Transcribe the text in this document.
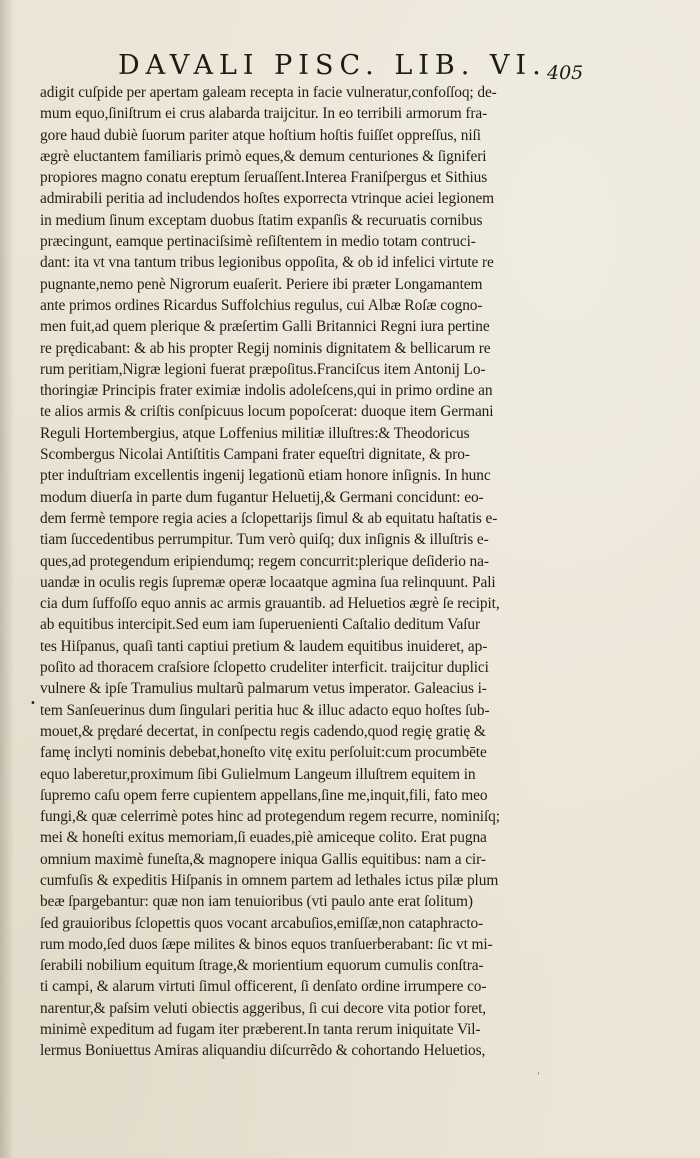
DAVALI PISC. LIB. VI. 405
•
adigit cuſpide per apertam galeam recepta in facie vulneratur,confoſſoq; de-
mum equo,ſiniſtrum ei crus alabarda traijcitur. In eo terribili armorum fra-
gore haud dubiè ſuorum pariter atque hoſtium hoſtis fuiſſet oppreſſus, niſi
ægrè eluctantem familiaris primò eques,& demum centuriones & ſigniferi
propiores magno conatu ereptum ſeruaſſent.Interea Franiſpergus et Sithius
admirabili peritia ad includendos hoſtes exporrecta vtrinque aciei legionem
in medium ſinum exceptam duobus ſtatim expanſis & recuruatis cornibus
præcingunt, eamque pertinaciſsimè reſiſtentem in medio totam contruci-
dant: ita vt vna tantum tribus legionibus oppoſita, & ob id infelici virtute re
pugnante,nemo penè Nigrorum euaſerit. Periere ibi præter Longamantem
ante primos ordines Ricardus Suffolchius regulus, cui Albæ Roſæ cogno-
men fuit,ad quem plerique & præſertim Galli Britannici Regni iura pertine
re prędicabant: & ab his propter Regij nominis dignitatem & bellicarum re
rum peritiam,Nigræ legioni fuerat præpoſitus.Franciſcus item Antonij Lo-
thoringiæ Principis frater eximiæ indolis adoleſcens,qui in primo ordine an
te alios armis & criſtis conſpicuus locum popoſcerat: duoque item Germani
Reguli Hortembergius, atque Loffenius militiæ illuſtres:& Theodoricus
Scombergus Nicolai Antiſtitis Campani frater equeſtri dignitate, & pro-
pter induſtriam excellentis ingenij legationũ etiam honore inſignis. In hunc
modum diuerſa in parte dum fugantur Heluetij,& Germani concidunt: eo-
dem fermè tempore regia acies a ſclopettarijs ſimul & ab equitatu haſtatis e-
tiam ſuccedentibus perrumpitur. Tum verò quiſq; dux inſignis & illuſtris e-
ques,ad protegendum eripiendumq; regem concurrit:plerique deſiderio na-
uandæ in oculis regis ſupremæ operæ locaatque agmina ſua relinquunt. Pali
cia dum ſuffoſſo equo annis ac armis grauantib. ad Heluetios ægrè ſe recipit,
ab equitibus intercipit.Sed eum iam ſuperuenienti Caſtalio deditum Vaſur
tes Hiſpanus, quaſi tanti captiui pretium & laudem equitibus inuideret, ap-
poſito ad thoracem craſsiore ſclopetto crudeliter interficit. traijcitur duplici
vulnere & ipſe Tramulius multarũ palmarum vetus imperator. Galeacius i-
tem Sanſeuerinus dum ſingulari peritia huc & illuc adacto equo hoſtes ſub-
mouet,& prędaré decertat, in conſpectu regis cadendo,quod regię gratię &
famę inclyti nominis debebat,honeſto vitę exitu perſoluit:cum procumbēte
equo laberetur,proximum ſibi Gulielmum Langeum illuſtrem equitem in
ſupremo caſu opem ferre cupientem appellans,ſine me,inquit,fili, fato meo
fungi,& quæ celerrimè potes hinc ad protegendum regem recurre, nominiſq;
mei & honeſti exitus memoriam,ſi euades,piè amiceque colito. Erat pugna
omnium maximè funeſta,& magnopere iniqua Gallis equitibus: nam a cir-
cumfuſis & expeditis Hiſpanis in omnem partem ad lethales ictus pilæ plum
beæ ſpargebantur: quæ non iam tenuioribus (vti paulo ante erat ſolitum)
ſed grauioribus ſclopettis quos vocant arcabuſios,emiſſæ,non cataphracto-
rum modo,ſed duos ſæpe milites & binos equos tranſuerberabant: ſic vt mi-
ſerabili nobilium equitum ſtrage,& morientium equorum cumulis conſtra-
ti campi, & alarum virtuti ſimul officerent, ſi denſato ordine irrumpere co-
narentur,& paſsim veluti obiectis aggeribus, ſi cui decore vita potior foret,
minimè expeditum ad fugam iter præberent.In tanta rerum iniquitate Vil-
lermus Boniuettus Amiras aliquandiu diſcurrẽdo & cohortando Heluetios,
ʼ
